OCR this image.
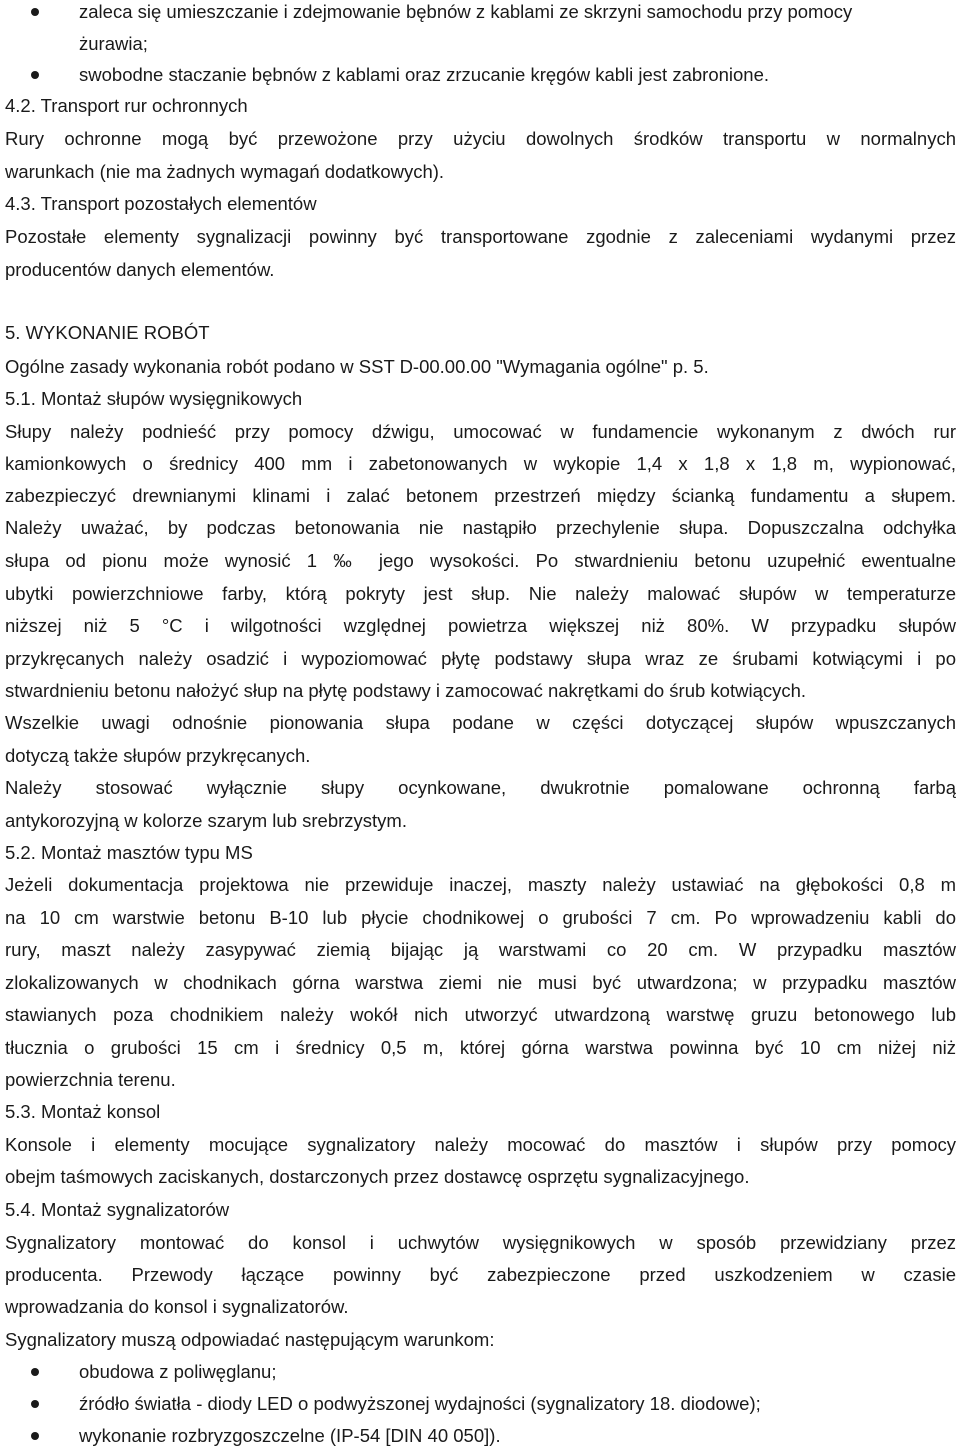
zaleca się umieszczanie i zdejmowanie bębnów z kablami ze skrzyni samochodu przy pomocy
żurawia;
swobodne staczanie bębnów z kablami oraz zrzucanie kręgów kabli jest zabronione.
4.2. Transport rur ochronnych
Rury ochronne mogą być przewożone przy użyciu dowolnych środków transportu w normalnych
warunkach (nie ma żadnych wymagań dodatkowych).
4.3. Transport pozostałych elementów
Pozostałe elementy sygnalizacji powinny być transportowane zgodnie z zaleceniami wydanymi przez
producentów danych elementów.
5. WYKONANIE ROBÓT
Ogólne zasady wykonania robót podano w SST D-00.00.00 "Wymagania ogólne" p. 5.
5.1. Montaż słupów wysięgnikowych
Słupy należy podnieść przy pomocy dźwigu, umocować w fundamencie wykonanym z dwóch rur
kamionkowych o średnicy 400 mm i zabetonowanych w wykopie 1,4 x 1,8 x 1,8 m, wypionować,
zabezpieczyć drewnianymi klinami i zalać betonem przestrzeń między ścianką fundamentu a słupem.
Należy uważać, by podczas betonowania nie nastąpiło przechylenie słupa. Dopuszczalna odchyłka
słupa od pionu może wynosić 1 ‰ jego wysokości. Po stwardnieniu betonu uzupełnić ewentualne
ubytki powierzchniowe farby, którą pokryty jest słup. Nie należy malować słupów w temperaturze
niższej niż 5 °C i wilgotności względnej powietrza większej niż 80%. W przypadku słupów
przykręcanych należy osadzić i wypoziomować płytę podstawy słupa wraz ze śrubami kotwiącymi i po
stwardnieniu betonu nałożyć słup na płytę podstawy i zamocować nakrętkami do śrub kotwiących.
Wszelkie uwagi odnośnie pionowania słupa podane w części dotyczącej słupów wpuszczanych
dotyczą także słupów przykręcanych.
Należy stosować wyłącznie słupy ocynkowane, dwukrotnie pomalowane ochronną farbą
antykorozyjną w kolorze szarym lub srebrzystym.
5.2. Montaż masztów typu MS
Jeżeli dokumentacja projektowa nie przewiduje inaczej, maszty należy ustawiać na głębokości 0,8 m
na 10 cm warstwie betonu B-10 lub płycie chodnikowej o grubości 7 cm. Po wprowadzeniu kabli do
rury, maszt należy zasypywać ziemią bijając ją warstwami co 20 cm. W przypadku masztów
zlokalizowanych w chodnikach górna warstwa ziemi nie musi być utwardzona; w przypadku masztów
stawianych poza chodnikiem należy wokół nich utworzyć utwardzoną warstwę gruzu betonowego lub
tłucznia o grubości 15 cm i średnicy 0,5 m, której górna warstwa powinna być 10 cm niżej niż
powierzchnia terenu.
5.3. Montaż konsol
Konsole i elementy mocujące sygnalizatory należy mocować do masztów i słupów przy pomocy
obejm taśmowych zaciskanych, dostarczonych przez dostawcę osprzętu sygnalizacyjnego.
5.4. Montaż sygnalizatorów
Sygnalizatory montować do konsol i uchwytów wysięgnikowych w sposób przewidziany przez
producenta. Przewody łączące powinny być zabezpieczone przed uszkodzeniem w czasie
wprowadzania do konsol i sygnalizatorów.
Sygnalizatory muszą odpowiadać następującym warunkom:
obudowa z poliwęglanu;
źródło światła - diody LED o podwyższonej wydajności (sygnalizatory 18. diodowe);
wykonanie rozbryzgoszczelne (IP-54 [DIN 40 050]).
